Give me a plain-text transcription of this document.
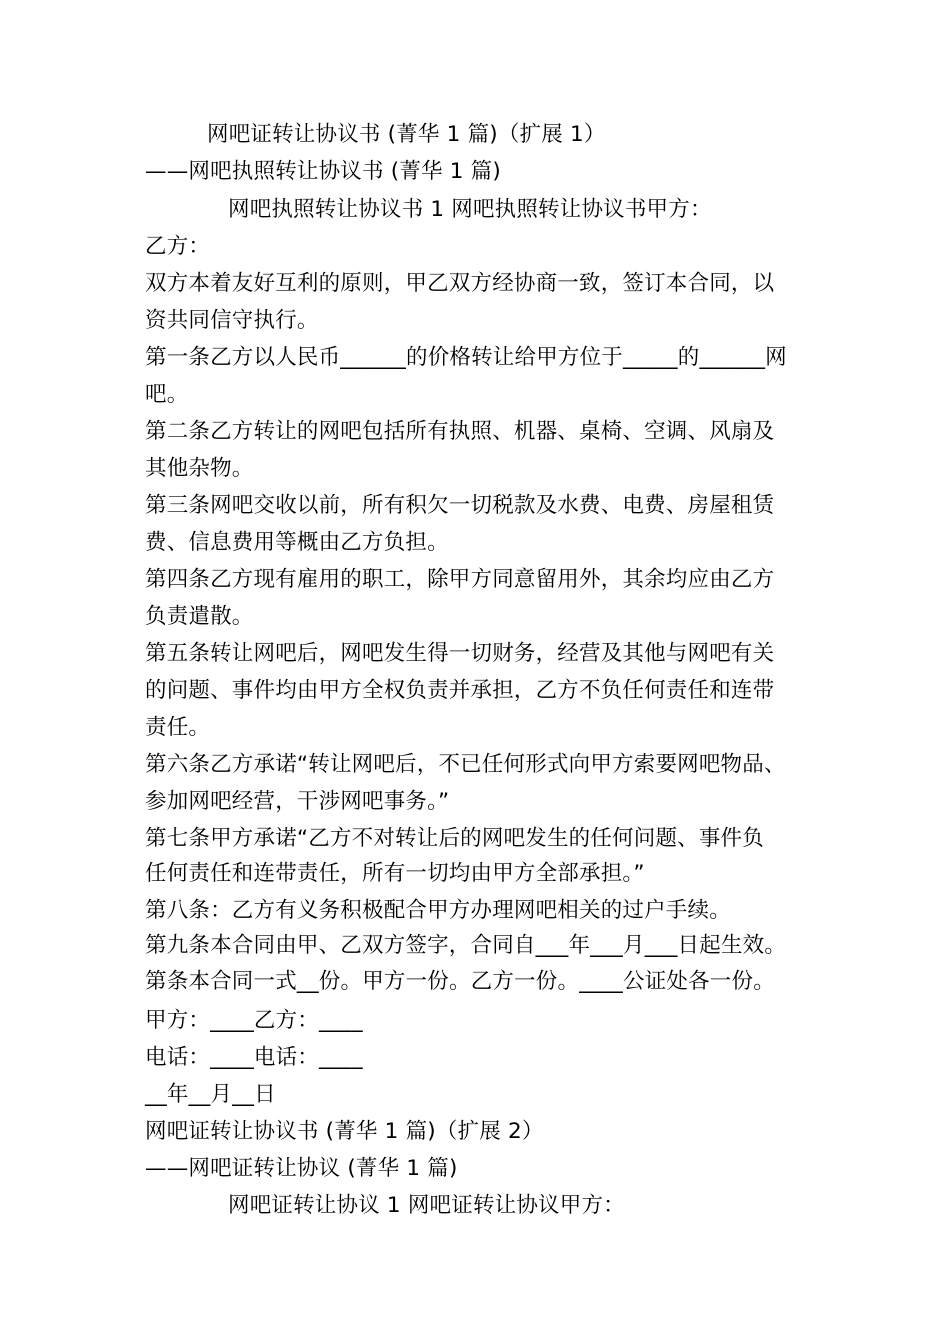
网吧证转让协议书 (菁华 1 篇)（扩展 1）
——网吧执照转让协议书 (菁华 1 篇)
网吧执照转让协议书 1 网吧执照转让协议书甲方：
乙方：
双方本着友好互利的原则，甲乙双方经协商一致，签订本合同，以
资共同信守执行。
第一条乙方以人民币______的价格转让给甲方位于_____的______网
吧。
第二条乙方转让的网吧包括所有执照、机器、桌椅、空调、风扇及
其他杂物。
第三条网吧交收以前，所有积欠一切税款及水费、电费、房屋租赁
费、信息费用等概由乙方负担。
第四条乙方现有雇用的职工，除甲方同意留用外，其余均应由乙方
负责遣散。
第五条转让网吧后，网吧发生得一切财务，经营及其他与网吧有关
的问题、事件均由甲方全权负责并承担，乙方不负任何责任和连带
责任。
第六条乙方承诺“转让网吧后，不已任何形式向甲方索要网吧物品、
参加网吧经营，干涉网吧事务。”
第七条甲方承诺“乙方不对转让后的网吧发生的任何问题、事件负
任何责任和连带责任，所有一切均由甲方全部承担。”
第八条：乙方有义务积极配合甲方办理网吧相关的过户手续。
第九条本合同由甲、乙双方签字，合同自___年___月___日起生效。
第条本合同一式__份。甲方一份。乙方一份。____公证处各一份。
甲方：____乙方：____
电话：____电话：____
__年__月__日
网吧证转让协议书 (菁华 1 篇)（扩展 2）
——网吧证转让协议 (菁华 1 篇)
网吧证转让协议 1 网吧证转让协议甲方：
